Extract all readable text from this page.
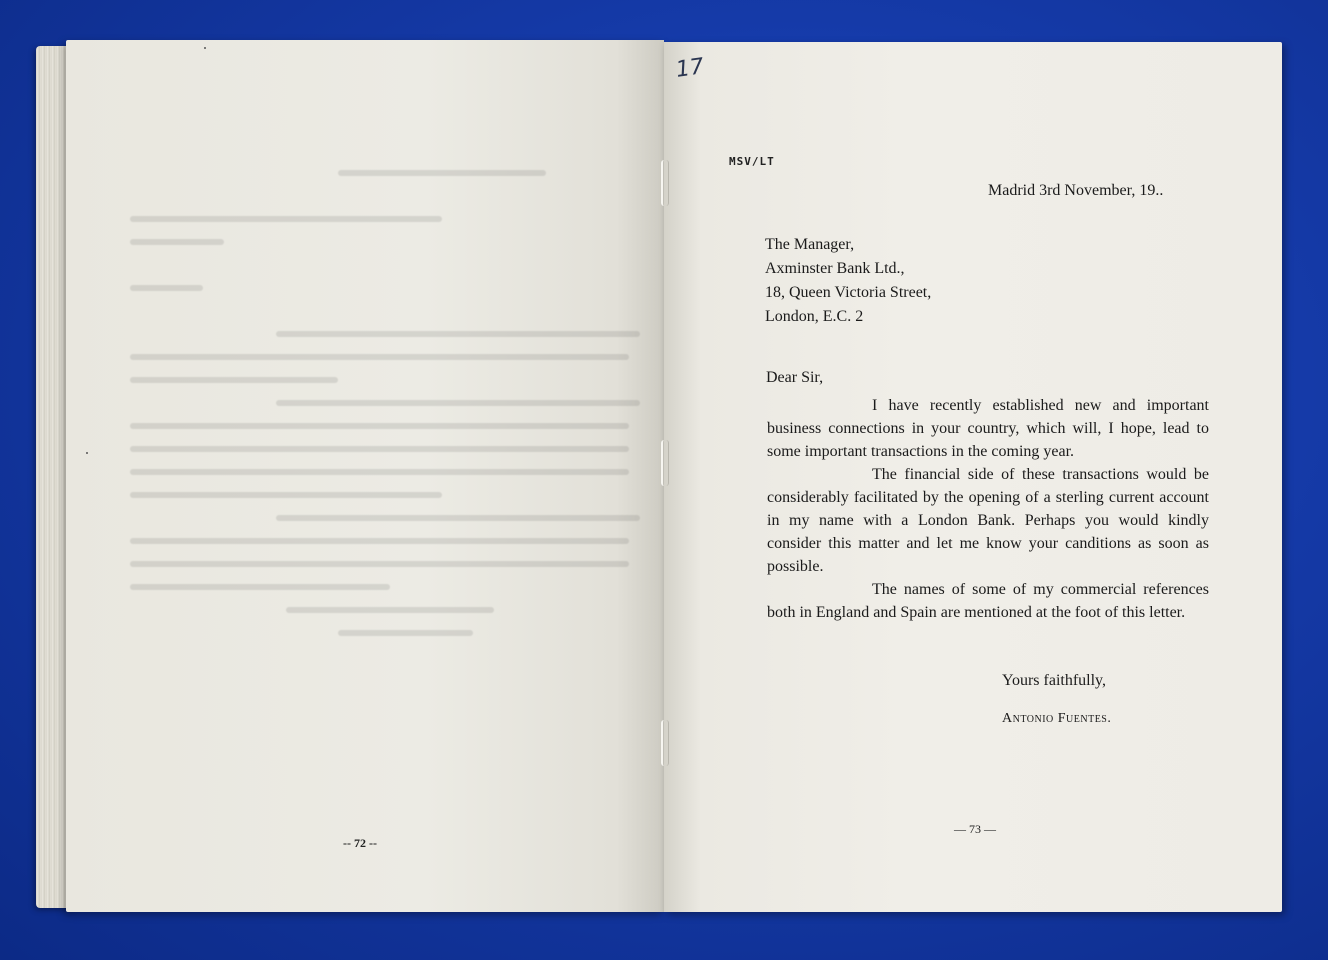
17
MSV/LT
Madrid 3rd November, 19..
The Manager,
Axminster Bank Ltd.,
18, Queen Victoria Street,
London, E.C. 2
Dear Sir,

I have recently established new and important business connections in your country, which will, I hope, lead to some important transactions in the coming year.

The financial side of these transactions would be considerably facilitated by the opening of a sterling current account in my name with a London Bank. Perhaps you would kindly consider this matter and let me know your canditions as soon as possible.

The names of some of my commercial references both in England and Spain are mentioned at the foot of this letter.

Yours faithfully,
Antonio Fuentes.
-- 72 --
— 73 —
